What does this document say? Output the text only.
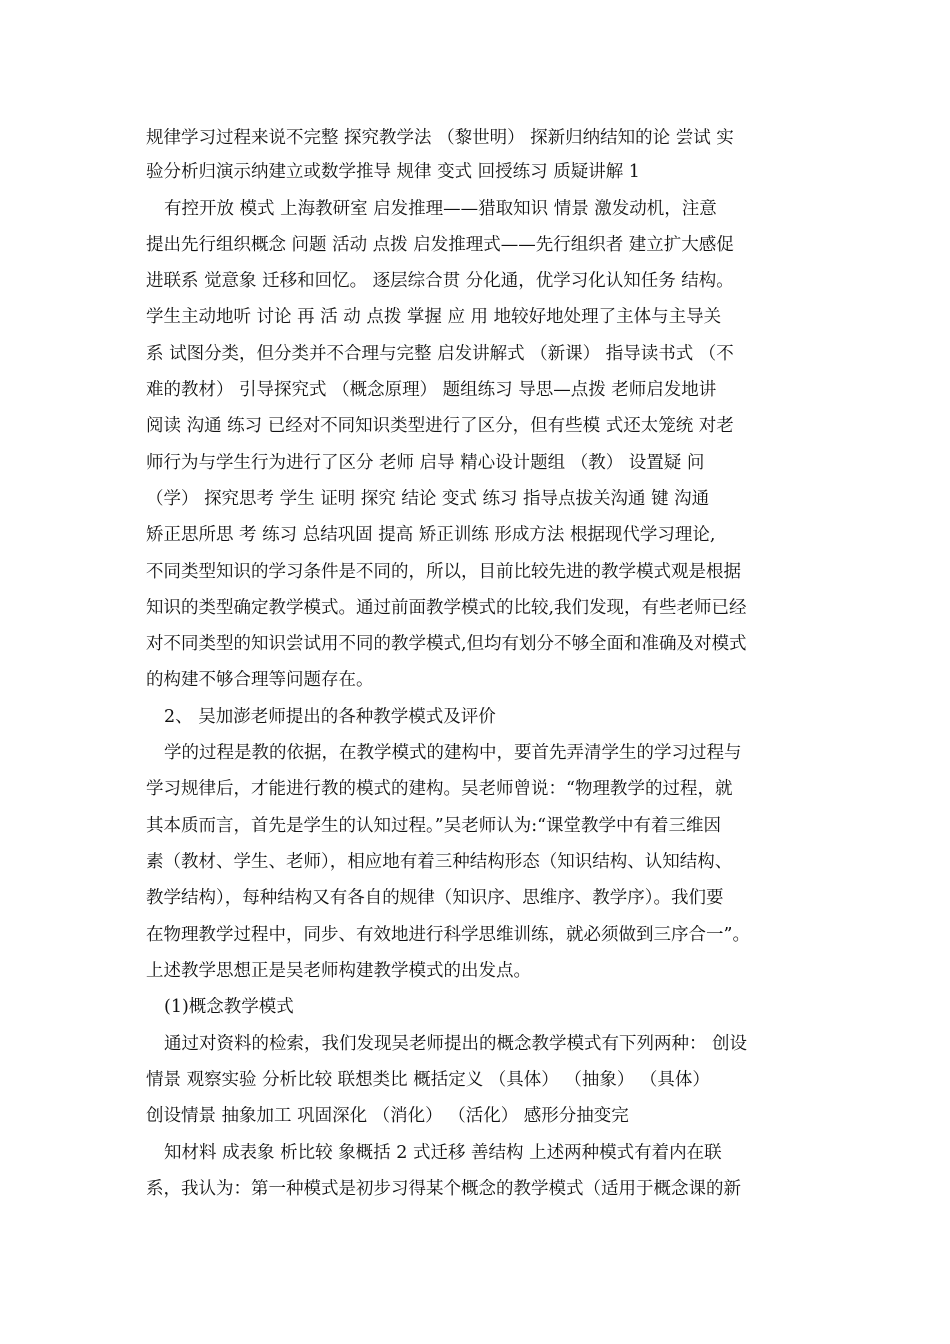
规律学习过程来说不完整 探究教学法 （黎世明） 探新归纳结知的论 尝试 实
验分析归演示纳建立或数学推导 规律 变式 回授练习 质疑讲解 1
有控开放 模式 上海教研室 启发推理——猎取知识 情景 激发动机，注意
提出先行组织概念 问题 活动 点拨 启发推理式——先行组织者 建立扩大感促
进联系 觉意象 迁移和回忆。 逐层综合贯 分化通，优学习化认知任务 结构。
学生主动地听 讨论 再 活 动 点拨 掌握 应 用 地较好地处理了主体与主导关
系 试图分类，但分类并不合理与完整 启发讲解式 （新课） 指导读书式 （不
难的教材） 引导探究式 （概念原理） 题组练习 导思—点拨 老师启发地讲
阅读 沟通 练习 已经对不同知识类型进行了区分，但有些模 式还太笼统 对老
师行为与学生行为进行了区分 老师 启导 精心设计题组 （教） 设置疑 问
（学） 探究思考 学生 证明 探究 结论 变式 练习 指导点拔关沟通 键 沟通
矫正思所思 考 练习 总结巩固 提高 矫正训练 形成方法 根据现代学习理论,
不同类型知识的学习条件是不同的，所以，目前比较先进的教学模式观是根据
知识的类型确定教学模式。通过前面教学模式的比较,我们发现，有些老师已经
对不同类型的知识尝试用不同的教学模式,但均有划分不够全面和准确及对模式
的构建不够合理等问题存在。
2、 吴加澎老师提出的各种教学模式及评价
学的过程是教的依据，在教学模式的建构中，要首先弄清学生的学习过程与
学习规律后，才能进行教的模式的建构。吴老师曾说：“物理教学的过程，就
其本质而言，首先是学生的认知过程。”吴老师认为:“课堂教学中有着三维因
素（教材、学生、老师），相应地有着三种结构形态（知识结构、认知结构、
教学结构），每种结构又有各自的规律（知识序、思维序、教学序）。我们要
在物理教学过程中，同步、有效地进行科学思维训练，就必须做到三序合一”。
上述教学思想正是吴老师构建教学模式的出发点。
(1)概念教学模式
通过对资料的检索，我们发现吴老师提出的概念教学模式有下列两种： 创设
情景 观察实验 分析比较 联想类比 概括定义 （具体） （抽象） （具体）
创设情景 抽象加工 巩固深化 （消化） （活化） 感形分抽变完
知材料 成表象 析比较 象概括 2 式迁移 善结构 上述两种模式有着内在联
系，我认为：第一种模式是初步习得某个概念的教学模式（适用于概念课的新
